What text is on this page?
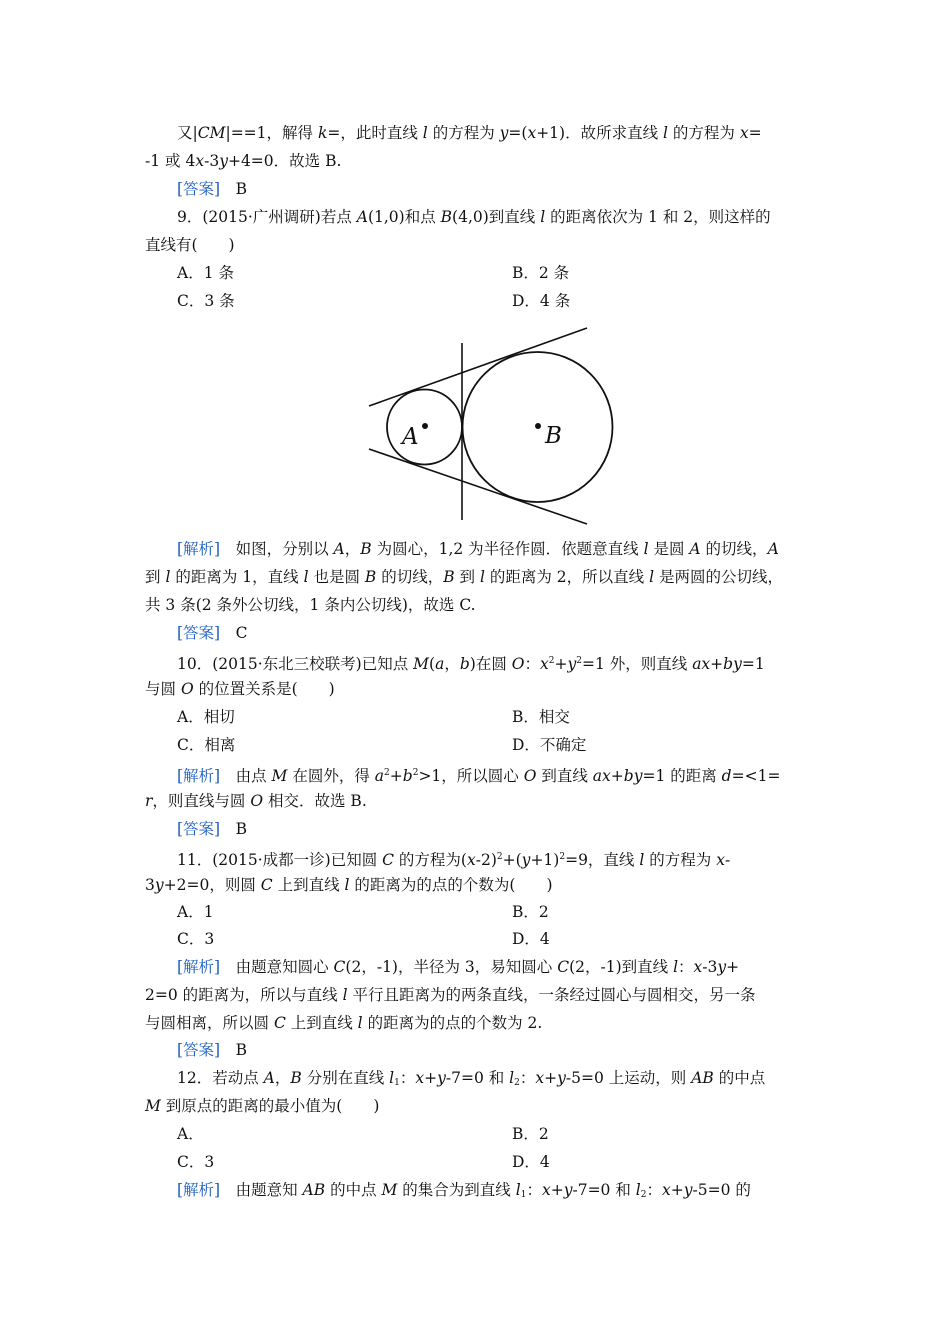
又|CM|==1，解得 k=，此时直线 l 的方程为 y=(x+1)．故所求直线 l 的方程为 x=
-1 或 4x-3y+4=0．故选 B.
[答案]　 B
9．(2015·广州调研)若点 A(1,0)和点 B(4,0)到直线 l 的距离依次为 1 和 2，则这样的
直线有(　　)
A．1 条	B．2 条
C．3 条	D．4 条
A	B
[解析]　如图，分别以 A，B 为圆心，1,2 为半径作圆．依题意直线 l 是圆 A 的切线，A
到 l 的距离为 1，直线 l 也是圆 B 的切线，B 到 l 的距离为 2，所以直线 l 是两圆的公切线，
共 3 条(2 条外公切线，1 条内公切线)，故选 C.
[答案]　 C
10．(2015·东北三校联考)已知点 M(a，b)在圆 O：$x^2+y^2=1$ 外，则直线 ax+by=1
与圆 O 的位置关系是(　　)
A．相切	B．相交
C．相离	D．不确定
[解析]　由点 M 在圆外，得 $a^2+b^2>1$，所以圆心 O 到直线 ax+by=1 的距离 d=<1=
r，则直线与圆 O 相交．故选 B.
[答案]　 B
11．(2015·成都一诊)已知圆 C 的方程为$(x-2)^2+(y+1)^2=9$，直线 l 的方程为 x-
3y+2=0，则圆 C 上到直线 l 的距离为的点的个数为(　　)
A．1	B．2
C．3	D．4
[解析]　由题意知圆心 C(2，-1)，半径为 3，易知圆心 C(2，-1)到直线 l：x-3y+
2=0 的距离为，所以与直线 l 平行且距离为的两条直线，一条经过圆心与圆相交，另一条
与圆相离，所以圆 C 上到直线 l 的距离为的点的个数为 2.
[答案]　 B
12．若动点 A，B 分别在直线 $l_1$：x+y-7=0 和 $l_2$：x+y-5=0 上运动，则 AB 的中点
M 到原点的距离的最小值为(　　)
A．	B．2
C．3	D．4
[解析]　由题意知 AB 的中点 M 的集合为到直线 $l_1$：x+y-7=0 和 $l_2$：x+y-5=0 的
